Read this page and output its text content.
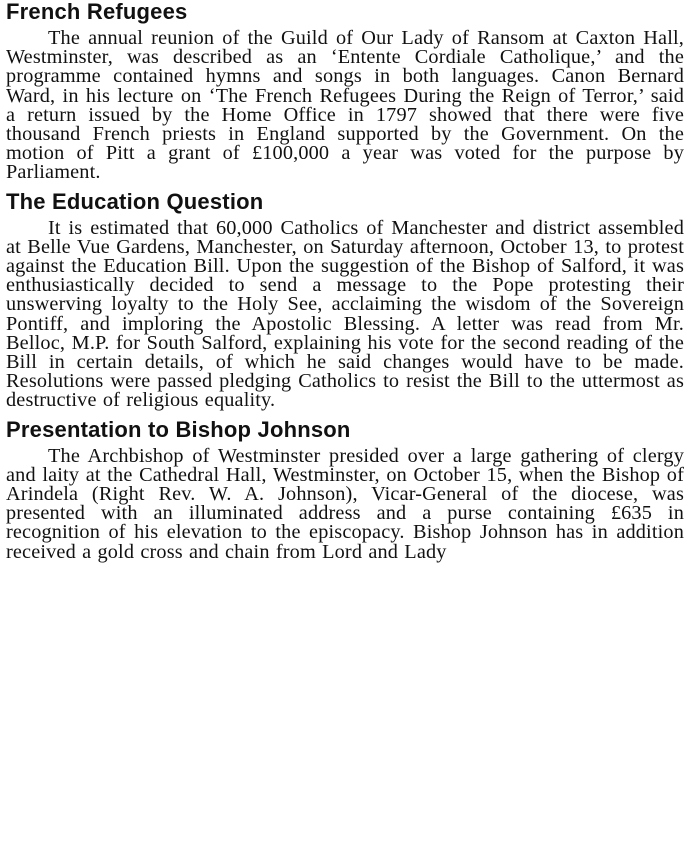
French Refugees

The annual reunion of the Guild of Our Lady of Ransom at Caxton Hall, Westminster, was described as an ‘Entente Cordiale Catholique,’ and the programme contained hymns and songs in both languages. Canon Bernard Ward, in his lecture on ‘The French Refugees During the Reign of Terror,’ said a return issued by the Home Office in 1797 showed that there were five thousand French priests in England supported by the Government. On the motion of Pitt a grant of £100,000 a year was voted for the purpose by Parliament.

The Education Question

It is estimated that 60,000 Catholics of Manchester and district assembled at Belle Vue Gardens, Manchester, on Saturday afternoon, October 13, to protest against the Education Bill. Upon the suggestion of the Bishop of Salford, it was enthusiastically decided to send a message to the Pope protesting their unswerving loyalty to the Holy See, acclaiming the wisdom of the Sovereign Pontiff, and imploring the Apostolic Blessing. A letter was read from Mr. Belloc, M.P. for South Salford, explaining his vote for the second reading of the Bill in certain details, of which he said changes would have to be made. Resolutions were passed pledging Catholics to resist the Bill to the uttermost as destructive of religious equality.

Presentation to Bishop Johnson

The Archbishop of Westminster presided over a large gathering of clergy and laity at the Cathedral Hall, Westminster, on October 15, when the Bishop of Arindela (Right Rev. W. A. Johnson), Vicar-General of the diocese, was presented with an illuminated address and a purse containing £635 in recognition of his elevation to the episcopacy. Bishop Johnson has in addition received a gold cross and chain from Lord and Lady
